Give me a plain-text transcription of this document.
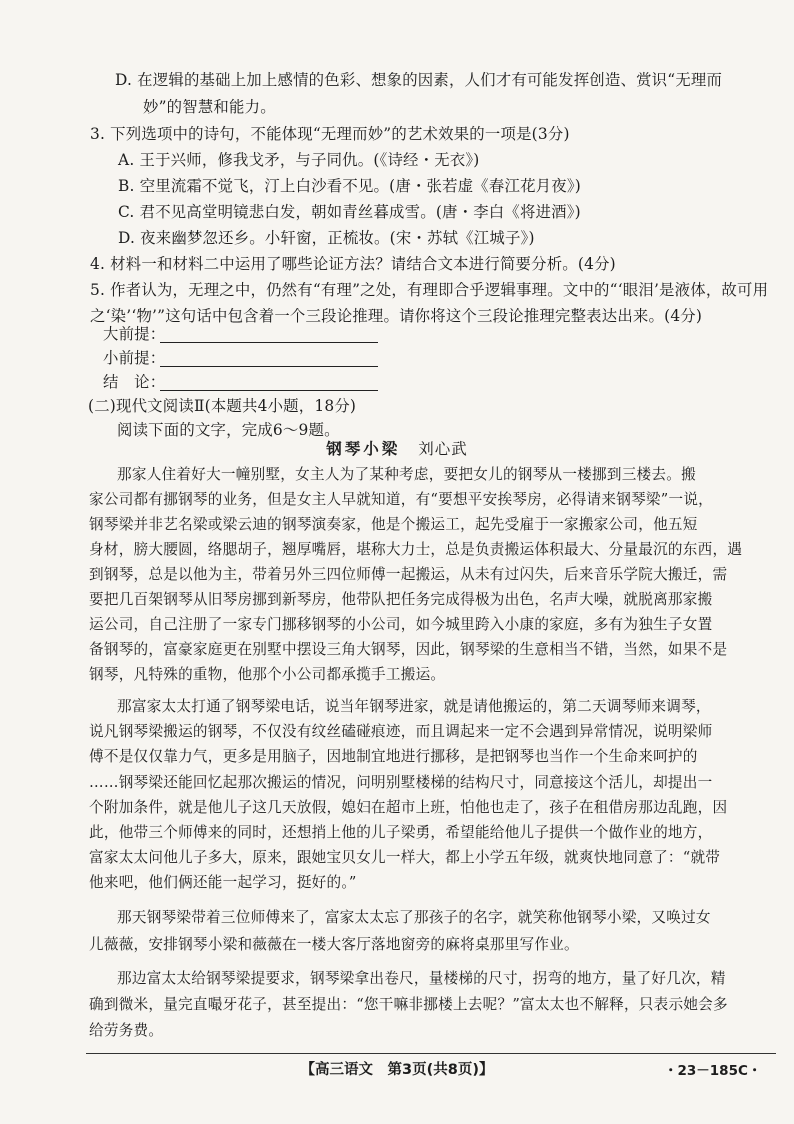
D. 在逻辑的基础上加上感情的色彩、想象的因素，人们才有可能发挥创造、赏识“无理而
妙”的智慧和能力。
3. 下列选项中的诗句，不能体现“无理而妙”的艺术效果的一项是(3分)
A. 王于兴师，修我戈矛，与子同仇。(《诗经・无衣》)
B. 空里流霜不觉飞，汀上白沙看不见。(唐・张若虚《春江花月夜》)
C. 君不见高堂明镜悲白发，朝如青丝暮成雪。(唐・李白《将进酒》)
D. 夜来幽梦忽还乡。小轩窗，正梳妆。(宋・苏轼《江城子》)
4. 材料一和材料二中运用了哪些论证方法？请结合文本进行简要分析。(4分)
5. 作者认为，无理之中，仍然有“有理”之处，有理即合乎逻辑事理。文中的“‘眼泪’是液体，故可用
之‘染’‘物’”这句话中包含着一个三段论推理。请你将这个三段论推理完整表达出来。(4分)
大前提：
小前提：
结　论：
(二)现代文阅读Ⅱ(本题共4小题，18分)
阅读下面的文字，完成6～9题。
钢琴小梁 刘心武
那家人住着好大一幢别墅，女主人为了某种考虑，要把女儿的钢琴从一楼挪到三楼去。搬
家公司都有挪钢琴的业务，但是女主人早就知道，有“要想平安挨琴房，必得请来钢琴梁”一说，
钢琴梁并非艺名梁或梁云迪的钢琴演奏家，他是个搬运工，起先受雇于一家搬家公司，他五短
身材，膀大腰圆，络腮胡子，翘厚嘴唇，堪称大力士，总是负责搬运体积最大、分量最沉的东西，遇
到钢琴，总是以他为主，带着另外三四位师傅一起搬运，从未有过闪失，后来音乐学院大搬迁，需
要把几百架钢琴从旧琴房挪到新琴房，他带队把任务完成得极为出色，名声大噪，就脱离那家搬
运公司，自己注册了一家专门挪移钢琴的小公司，如今城里跨入小康的家庭，多有为独生子女置
备钢琴的，富豪家庭更在别墅中摆设三角大钢琴，因此，钢琴梁的生意相当不错，当然，如果不是
钢琴，凡特殊的重物，他那个小公司都承揽手工搬运。
那富家太太打通了钢琴梁电话，说当年钢琴进家，就是请他搬运的，第二天调琴师来调琴，
说凡钢琴梁搬运的钢琴，不仅没有纹丝磕碰痕迹，而且调起来一定不会遇到异常情况，说明梁师
傅不是仅仅靠力气，更多是用脑子，因地制宜地进行挪移，是把钢琴也当作一个生命来呵护的
……钢琴梁还能回忆起那次搬运的情况，问明别墅楼梯的结构尺寸，同意接这个活儿，却提出一
个附加条件，就是他儿子这几天放假，媳妇在超市上班，怕他也走了，孩子在租借房那边乱跑，因
此，他带三个师傅来的同时，还想捎上他的儿子梁勇，希望能给他儿子提供一个做作业的地方，
富家太太问他儿子多大，原来，跟她宝贝女儿一样大，都上小学五年级，就爽快地同意了：“就带
他来吧，他们俩还能一起学习，挺好的。”
那天钢琴梁带着三位师傅来了，富家太太忘了那孩子的名字，就笑称他钢琴小梁，又唤过女
儿薇薇，安排钢琴小梁和薇薇在一楼大客厅落地窗旁的麻将桌那里写作业。
那边富太太给钢琴梁提要求，钢琴梁拿出卷尺，量楼梯的尺寸，拐弯的地方，量了好几次，精
确到微米，量完直嘬牙花子，甚至提出：“您干嘛非挪楼上去呢？”富太太也不解释，只表示她会多
给劳务费。
【高三语文　第3页(共8页)】	・23－185C・
